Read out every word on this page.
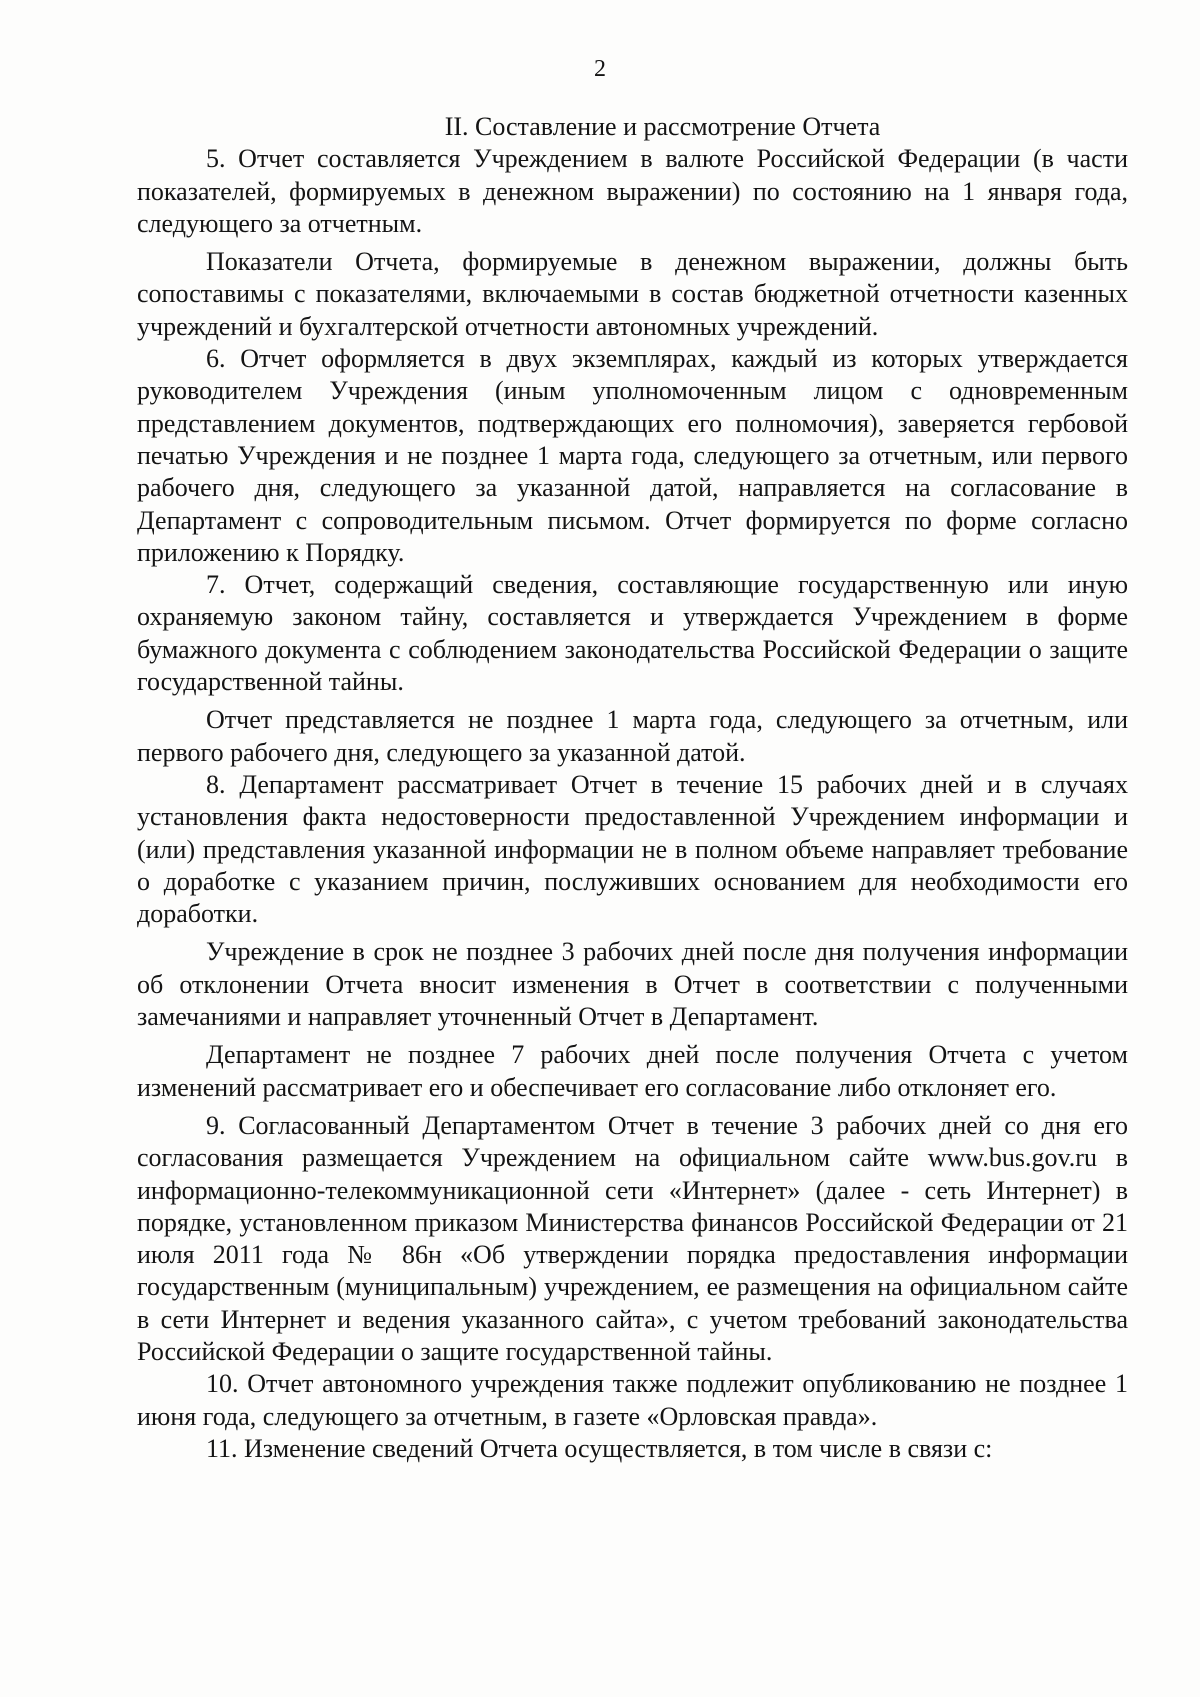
2
II. Составление и рассмотрение Отчета

5. Отчет составляется Учреждением в валюте Российской Федерации (в части показателей, формируемых в денежном выражении) по состоянию на 1 января года, следующего за отчетным.

Показатели Отчета, формируемые в денежном выражении, должны быть сопоставимы с показателями, включаемыми в состав бюджетной отчетности казенных учреждений и бухгалтерской отчетности автономных учреждений.

6. Отчет оформляется в двух экземплярах, каждый из которых утверждается руководителем Учреждения (иным уполномоченным лицом с одновременным представлением документов, подтверждающих его полномочия), заверяется гербовой печатью Учреждения и не позднее 1 марта года, следующего за отчетным, или первого рабочего дня, следующего за указанной датой, направляется на согласование в Департамент с сопроводительным письмом. Отчет формируется по форме согласно приложению к Порядку.

7. Отчет, содержащий сведения, составляющие государственную или иную охраняемую законом тайну, составляется и утверждается Учреждением в форме бумажного документа с соблюдением законодательства Российской Федерации о защите государственной тайны.

Отчет представляется не позднее 1 марта года, следующего за отчетным, или первого рабочего дня, следующего за указанной датой.

8. Департамент рассматривает Отчет в течение 15 рабочих дней и в случаях установления факта недостоверности предоставленной Учреждением информации и (или) представления указанной информации не в полном объеме направляет требование о доработке с указанием причин, послуживших основанием для необходимости его доработки.

Учреждение в срок не позднее 3 рабочих дней после дня получения информации об отклонении Отчета вносит изменения в Отчет в соответствии с полученными замечаниями и направляет уточненный Отчет в Департамент.

Департамент не позднее 7 рабочих дней после получения Отчета с учетом изменений рассматривает его и обеспечивает его согласование либо отклоняет его.

9. Согласованный Департаментом Отчет в течение 3 рабочих дней со дня его согласования размещается Учреждением на официальном сайте www.bus.gov.ru в информационно-телекоммуникационной сети «Интернет» (далее - сеть Интернет) в порядке, установленном приказом Министерства финансов Российской Федерации от 21 июля 2011 года № 86н «Об утверждении порядка предоставления информации государственным (муниципальным) учреждением, ее размещения на официальном сайте в сети Интернет и ведения указанного сайта», с учетом требований законодательства Российской Федерации о защите государственной тайны.

10. Отчет автономного учреждения также подлежит опубликованию не позднее 1 июня года, следующего за отчетным, в газете «Орловская правда».

11. Изменение сведений Отчета осуществляется, в том числе в связи с:
